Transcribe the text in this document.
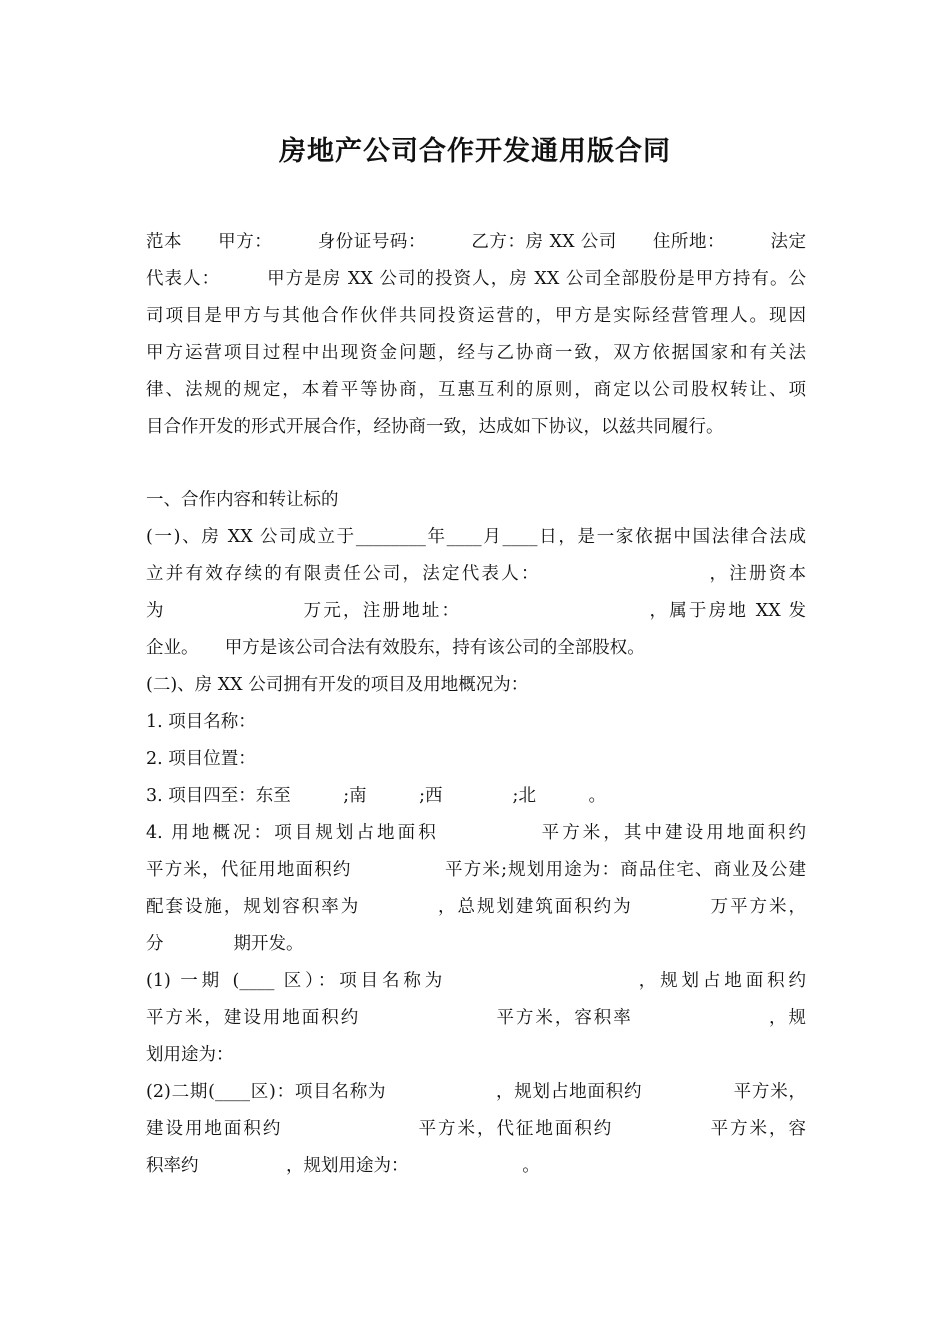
房地产公司合作开发通用版合同
范本　　甲方：　　　身份证号码：　　　乙方：房 XX 公司　　住所地：　　　法定
代表人：　　　甲方是房 XX 公司的投资人，房 XX 公司全部股份是甲方持有。公
司项目是甲方与其他合作伙伴共同投资运营的，甲方是实际经营管理人。现因
甲方运营项目过程中出现资金问题，经与乙协商一致，双方依据国家和有关法
律、法规的规定，本着平等协商，互惠互利的原则，商定以公司股权转让、项
目合作开发的形式开展合作，经协商一致，达成如下协议，以兹共同履行。
一、合作内容和转让标的
(一)、房 XX 公司成立于________年____月____日，是一家依据中国法律合法成
立并有效存续的有限责任公司，法定代表人：　　　　　　　　　，注册资本
为　　　　　　　万元，注册地址：　　　　　　　　　　，属于房地 XX 发
企业。　　甲方是该公司合法有效股东，持有该公司的全部股权。
(二)、房 XX 公司拥有开发的项目及用地概况为：
1. 项目名称：
2. 项目位置：
3. 项目四至：东至　　　;南　　　;西　　　　;北　　　。
4. 用地概况：项目规划占地面积　　　　　平方米，其中建设用地面积约
平方米，代征用地面积约　　　　　平方米;规划用途为：商品住宅、商业及公建
配套设施，规划容积率为　　　　，总规划建筑面积约为　　　　万平方米，
分　　　　期开发。
(1) 一期 (____ 区）：项目名称为　　　　　　　　　，规划占地面积约
平方米，建设用地面积约　　　　　　　平方米，容积率　　　　　　　，规
划用途为：
(2)二期(____区)：项目名称为　　　　　　，规划占地面积约　　　　　平方米，
建设用地面积约　　　　　　　平方米，代征地面积约　　　　　平方米，容
积率约　　　　　，规划用途为：　　　　　　　。
